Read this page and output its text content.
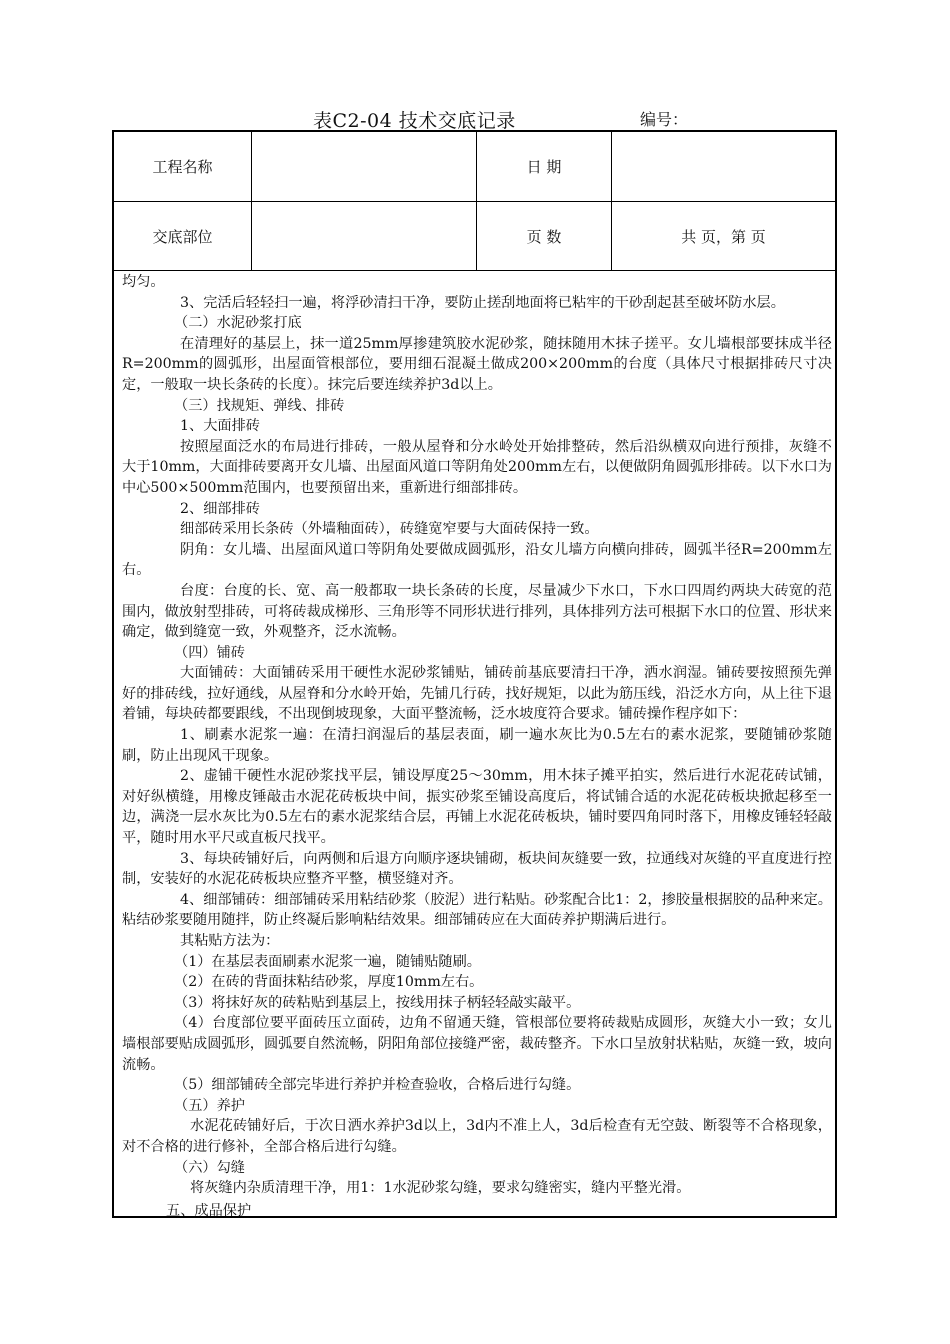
表C2-04 技术交底记录	编号：
工程名称	日 期
交底部位	页 数	共 页，第 页

均匀。

3、完活后轻轻扫一遍，将浮砂清扫干净，要防止搓刮地面将已粘牢的干砂刮起甚至破坏防水层。

（二）水泥砂浆打底

在清理好的基层上，抹一道25mm厚掺建筑胶水泥砂浆，随抹随用木抹子搓平。女儿墙根部要抹成半径R=200mm的圆弧形，出屋面管根部位，要用细石混凝土做成200×200mm的台度（具体尺寸根据排砖尺寸决定，一般取一块长条砖的长度）。抹完后要连续养护3d以上。

（三）找规矩、弹线、排砖

1、大面排砖

按照屋面泛水的布局进行排砖，一般从屋脊和分水岭处开始排整砖，然后沿纵横双向进行预排，灰缝不大于10mm，大面排砖要离开女儿墙、出屋面风道口等阴角处200mm左右，以便做阴角圆弧形排砖。以下水口为中心500×500mm范围内，也要预留出来，重新进行细部排砖。

2、细部排砖

细部砖采用长条砖（外墙釉面砖），砖缝宽窄要与大面砖保持一致。

阴角：女儿墙、出屋面风道口等阴角处要做成圆弧形，沿女儿墙方向横向排砖，圆弧半径R=200mm左右。

台度：台度的长、宽、高一般都取一块长条砖的长度，尽量减少下水口，下水口四周约两块大砖宽的范围内，做放射型排砖，可将砖裁成梯形、三角形等不同形状进行排列，具体排列方法可根据下水口的位置、形状来确定，做到缝宽一致，外观整齐，泛水流畅。

（四）铺砖

大面铺砖：大面铺砖采用干硬性水泥砂浆铺贴，铺砖前基底要清扫干净，洒水润湿。铺砖要按照预先弹好的排砖线，拉好通线，从屋脊和分水岭开始，先铺几行砖，找好规矩，以此为筋压线，沿泛水方向，从上往下退着铺，每块砖都要跟线，不出现倒坡现象，大面平整流畅，泛水坡度符合要求。铺砖操作程序如下：

1、刷素水泥浆一遍：在清扫润湿后的基层表面，刷一遍水灰比为0.5左右的素水泥浆，要随铺砂浆随刷，防止出现风干现象。

2、虚铺干硬性水泥砂浆找平层，铺设厚度25～30mm，用木抹子摊平拍实，然后进行水泥花砖试铺，对好纵横缝，用橡皮锤敲击水泥花砖板块中间，振实砂浆至铺设高度后，将试铺合适的水泥花砖板块掀起移至一边，满浇一层水灰比为0.5左右的素水泥浆结合层，再铺上水泥花砖板块，铺时要四角同时落下，用橡皮锤轻轻敲平，随时用水平尺或直板尺找平。

3、每块砖铺好后，向两侧和后退方向顺序逐块铺砌，板块间灰缝要一致，拉通线对灰缝的平直度进行控制，安装好的水泥花砖板块应整齐平整，横竖缝对齐。

4、细部铺砖：细部铺砖采用粘结砂浆（胶泥）进行粘贴。砂浆配合比1：2，掺胶量根据胶的品种来定。粘结砂浆要随用随拌，防止终凝后影响粘结效果。细部铺砖应在大面砖养护期满后进行。

其粘贴方法为：

（1）在基层表面刷素水泥浆一遍，随铺贴随刷。

（2）在砖的背面抹粘结砂浆，厚度10mm左右。

（3）将抹好灰的砖粘贴到基层上，按线用抹子柄轻轻敲实敲平。

（4）台度部位要平面砖压立面砖，边角不留通天缝，管根部位要将砖裁贴成圆形，灰缝大小一致；女儿墙根部要贴成圆弧形，圆弧要自然流畅，阴阳角部位接缝严密，裁砖整齐。下水口呈放射状粘贴，灰缝一致，坡向流畅。

（5）细部铺砖全部完毕进行养护并检查验收，合格后进行勾缝。

（五）养护

水泥花砖铺好后，于次日洒水养护3d以上，3d内不准上人，3d后检查有无空鼓、断裂等不合格现象，对不合格的进行修补，全部合格后进行勾缝。

（六）勾缝

将灰缝内杂质清理干净，用1：1水泥砂浆勾缝，要求勾缝密实，缝内平整光滑。

五、成品保护
